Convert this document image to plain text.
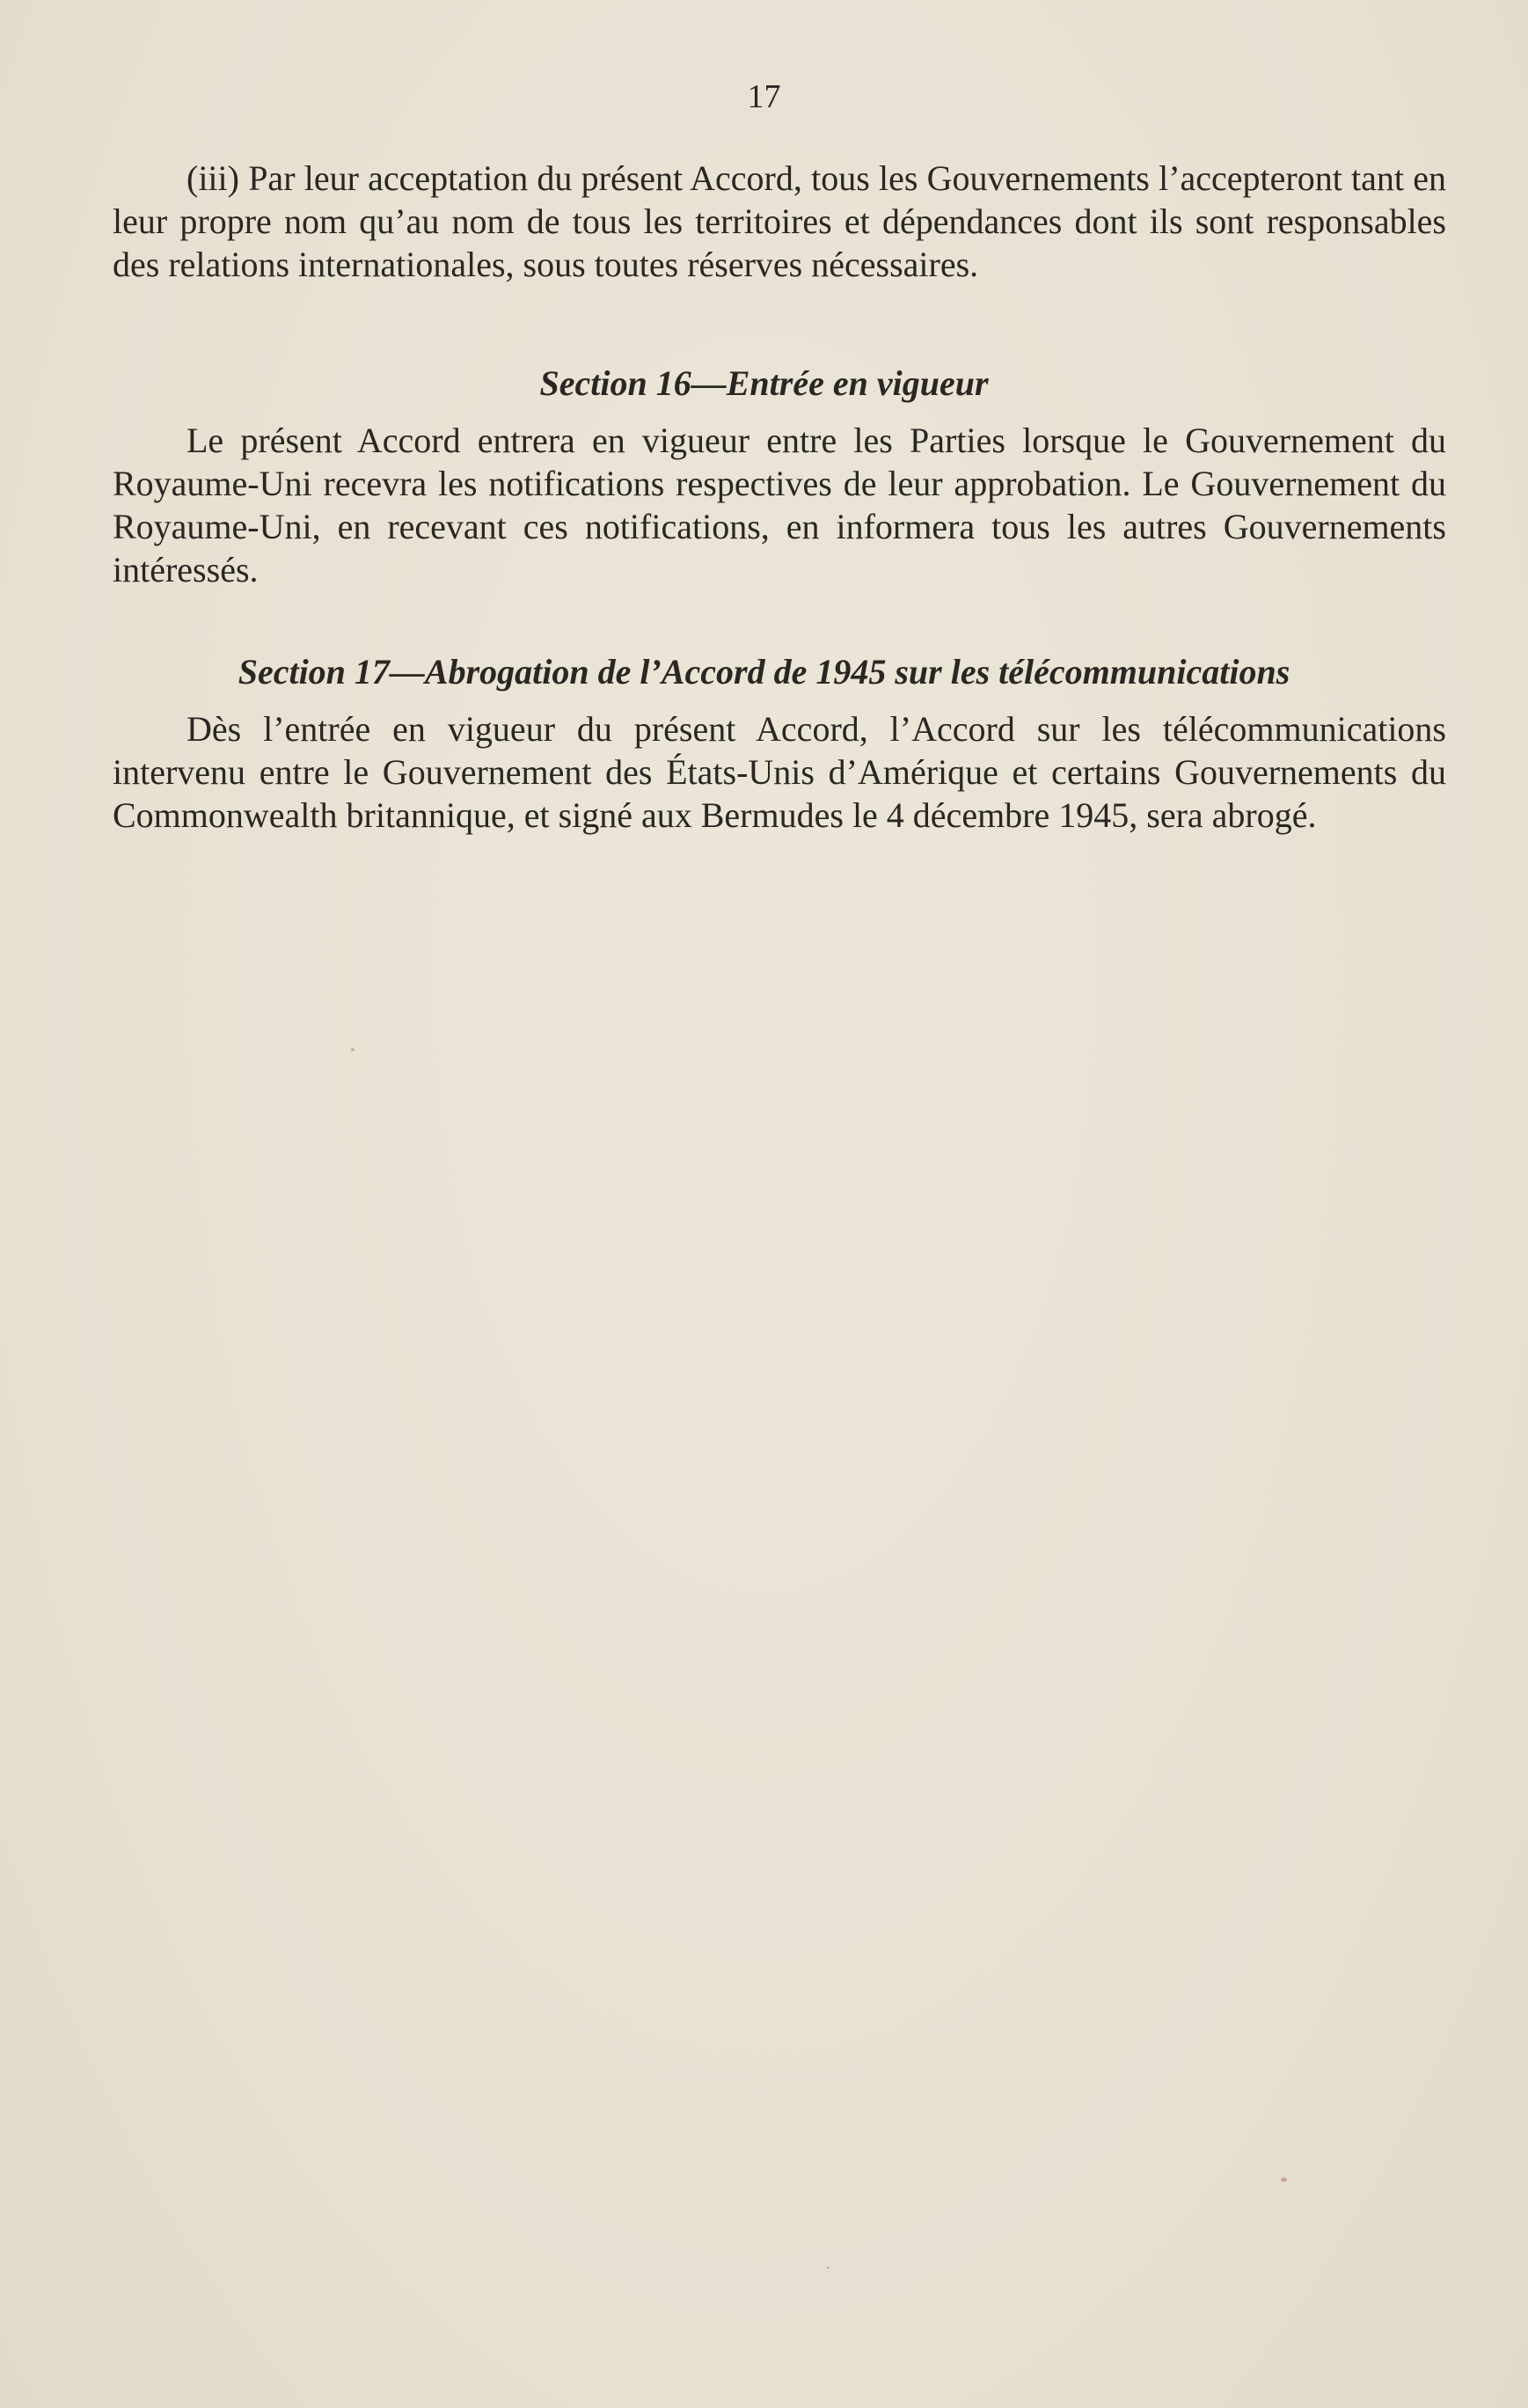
17

(iii) Par leur acceptation du présent Accord, tous les Gouvernements l’accepteront tant en leur propre nom qu’au nom de tous les territoires et dépendances dont ils sont responsables des relations internationales, sous toutes réserves nécessaires.

Section 16—Entrée en vigueur

Le présent Accord entrera en vigueur entre les Parties lorsque le Gouvernement du Royaume-Uni recevra les notifications respectives de leur approbation. Le Gouvernement du Royaume-Uni, en recevant ces notifications, en informera tous les autres Gouvernements intéressés.

Section 17—Abrogation de l’Accord de 1945 sur les télécommunications

Dès l’entrée en vigueur du présent Accord, l’Accord sur les télécommunications intervenu entre le Gouvernement des États-Unis d’Amérique et certains Gouvernements du Commonwealth britannique, et signé aux Bermudes le 4 décembre 1945, sera abrogé.
